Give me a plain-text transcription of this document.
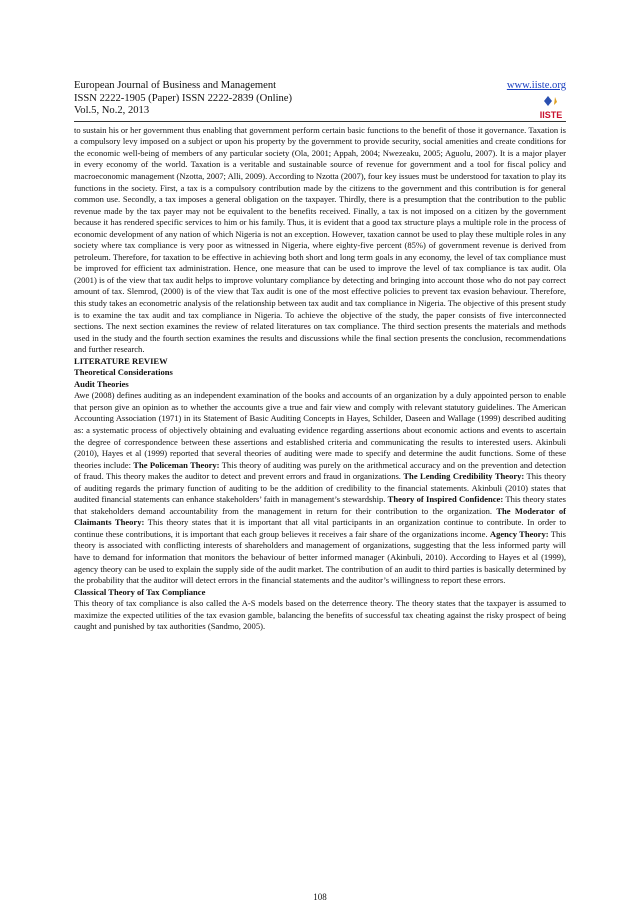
European Journal of Business and Management	www.iiste.org
ISSN 2222-1905 (Paper) ISSN 2222-2839 (Online)
Vol.5, No.2, 2013	IISTE

to sustain his or her government thus enabling that government perform certain basic functions to the benefit of those it governance. Taxation is a compulsory levy imposed on a subject or upon his property by the government to provide security, social amenities and create conditions for the economic well-being of members of any particular society (Ola, 2001; Appah, 2004; Nwezeaku, 2005; Aguolu, 2007). It is a major player in every economy of the world. Taxation is a veritable and sustainable source of revenue for government and a tool for fiscal policy and macroeconomic management (Nzotta, 2007; Alli, 2009). According to Nzotta (2007), four key issues must be understood for taxation to play its functions in the society. First, a tax is a compulsory contribution made by the citizens to the government and this contribution is for general common use. Secondly, a tax imposes a general obligation on the taxpayer. Thirdly, there is a presumption that the contribution to the public revenue made by the tax payer may not be equivalent to the benefits received. Finally, a tax is not imposed on a citizen by the government because it has rendered specific services to him or his family. Thus, it is evident that a good tax structure plays a multiple role in the process of economic development of any nation of which Nigeria is not an exception. However, taxation cannot be used to play these multiple roles in any society where tax compliance is very poor as witnessed in Nigeria, where eighty-five percent (85%) of government revenue is derived from petroleum. Therefore, for taxation to be effective in achieving both short and long term goals in any economy, the level of tax compliance must be improved for efficient tax administration. Hence, one measure that can be used to improve the level of tax compliance is tax audit. Ola (2001) is of the view that tax audit helps to improve voluntary compliance by detecting and bringing into account those who do not pay correct amount of tax. Slemrod, (2000) is of the view that Tax audit is one of the most effective policies to prevent tax evasion behaviour. Therefore, this study takes an econometric analysis of the relationship between tax audit and tax compliance in Nigeria. The objective of this present study is to examine the tax audit and tax compliance in Nigeria. To achieve the objective of the study, the paper consists of five interconnected sections. The next section examines the review of related literatures on tax compliance. The third section presents the materials and methods used in the study and the fourth section examines the results and discussions while the final section presents the conclusion, recommendations and further research.

LITERATURE REVIEW

Theoretical Considerations

Audit Theories

Awe (2008) defines auditing as an independent examination of the books and accounts of an organization by a duly appointed person to enable that person give an opinion as to whether the accounts give a true and fair view and comply with relevant statutory guidelines. The American Accounting Association (1971) in its Statement of Basic Auditing Concepts in Hayes, Schilder, Daseen and Wallage (1999) described auditing as: a systematic process of objectively obtaining and evaluating evidence regarding assertions about economic actions and events to ascertain the degree of correspondence between these assertions and established criteria and communicating the results to interested users. Akinbuli (2010), Hayes et al (1999) reported that several theories of auditing were made to specify and determine the audit functions. Some of these theories include: The Policeman Theory: This theory of auditing was purely on the arithmetical accuracy and on the prevention and detection of fraud. This theory makes the auditor to detect and prevent errors and fraud in organizations. The Lending Credibility Theory: This theory of auditing regards the primary function of auditing to be the addition of credibility to the financial statements. Akinbuli (2010) states that audited financial statements can enhance stakeholders’ faith in management’s stewardship. Theory of Inspired Confidence: This theory states that stakeholders demand accountability from the management in return for their contribution to the organization. The Moderator of Claimants Theory: This theory states that it is important that all vital participants in an organization continue to contribute. In order to continue these contributions, it is important that each group believes it receives a fair share of the organizations income. Agency Theory: This theory is associated with conflicting interests of shareholders and management of organizations, suggesting that the less informed party will have to demand for information that monitors the behaviour of better informed manager (Akinbuli, 2010). According to Hayes et al (1999), agency theory can be used to explain the supply side of the audit market. The contribution of an audit to third parties is basically determined by the probability that the auditor will detect errors in the financial statements and the auditor’s willingness to report these errors.

Classical Theory of Tax Compliance

This theory of tax compliance is also called the A-S models based on the deterrence theory. The theory states that the taxpayer is assumed to maximize the expected utilities of the tax evasion gamble, balancing the benefits of successful tax cheating against the risky prospect of being caught and punished by tax authorities (Sandmo, 2005).

108
